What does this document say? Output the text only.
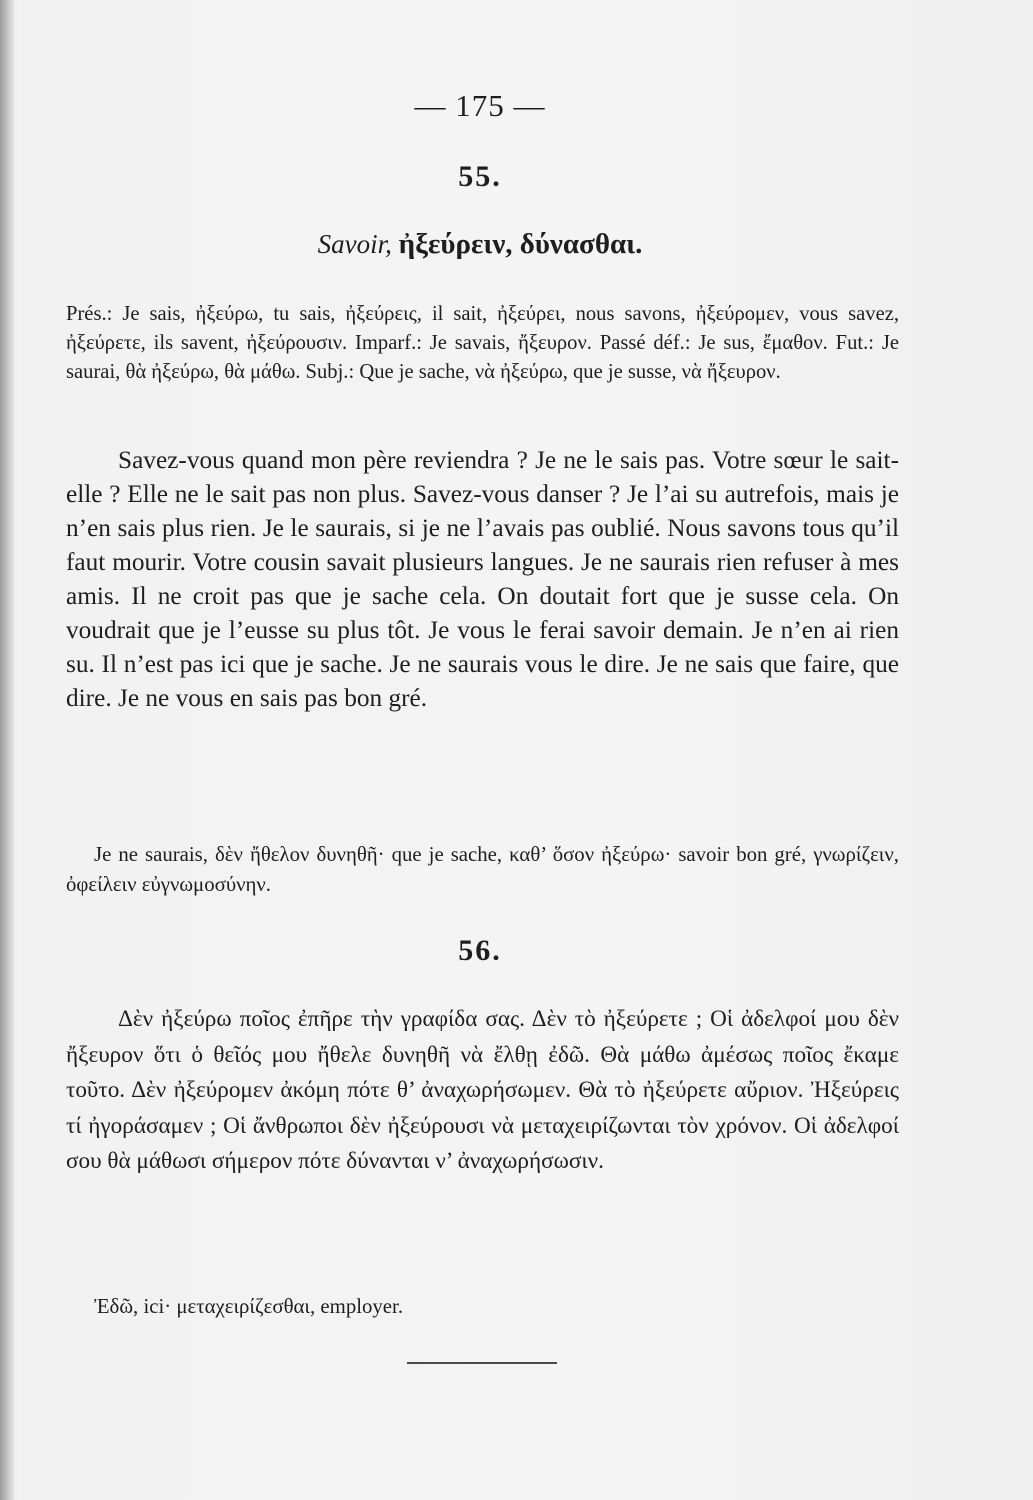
— 175 —
55.
Savoir, ἠξεύρειν, δύνασθαι.

Prés.: Je sais, ἠξεύρω, tu sais, ἠξεύρεις, il sait, ἠξεύρει, nous savons, ἠξεύρομεν, vous savez, ἠξεύρετε, ils savent, ἠξεύρουσιν. Imparf.: Je savais, ἤξευρον. Passé déf.: Je sus, ἔμαθον. Fut.: Je saurai, θὰ ἠξεύρω, θὰ μάθω. Subj.: Que je sache, νὰ ἠξεύρω, que je susse, νὰ ἤξευρον.

Savez-vous quand mon père reviendra ? Je ne le sais pas. Votre sœur le sait-elle ? Elle ne le sait pas non plus. Savez-vous danser ? Je l’ai su autrefois, mais je n’en sais plus rien. Je le saurais, si je ne l’avais pas oublié. Nous savons tous qu’il faut mourir. Votre cousin savait plusieurs langues. Je ne saurais rien refuser à mes amis. Il ne croit pas que je sache cela. On doutait fort que je susse cela. On voudrait que je l’eusse su plus tôt. Je vous le ferai savoir demain. Je n’en ai rien su. Il n’est pas ici que je sache. Je ne saurais vous le dire. Je ne sais que faire, que dire. Je ne vous en sais pas bon gré.

Je ne saurais, δὲν ἤθελον δυνηθῆ· que je sache, καθ’ ὅσον ἠξεύρω· savoir bon gré, γνωρίζειν, ὀφείλειν εὐγνωμοσύνην.

56.

Δὲν ἠξεύρω ποῖος ἐπῆρε τὴν γραφίδα σας. Δὲν τὸ ἠξεύρετε ; Οἱ ἀδελφοί μου δὲν ἤξευρον ὅτι ὁ θεῖός μου ἤθελε δυνηθῆ νὰ ἔλθῃ ἐδῶ. Θὰ μάθω ἀμέσως ποῖος ἔκαμε τοῦτο. Δὲν ἠξεύρομεν ἀκόμη πότε θ’ ἀναχωρήσωμεν. Θὰ τὸ ἠξεύρετε αὔριον. Ἠξεύρεις τί ἠγοράσαμεν ; Οἱ ἄνθρωποι δὲν ἠξεύρουσι νὰ μεταχειρίζωνται τὸν χρόνον. Οἱ ἀδελφοί σου θὰ μάθωσι σήμερον πότε δύνανται ν’ ἀναχωρήσωσιν.

Ἐδῶ, ici· μεταχειρίζεσθαι, employer.
